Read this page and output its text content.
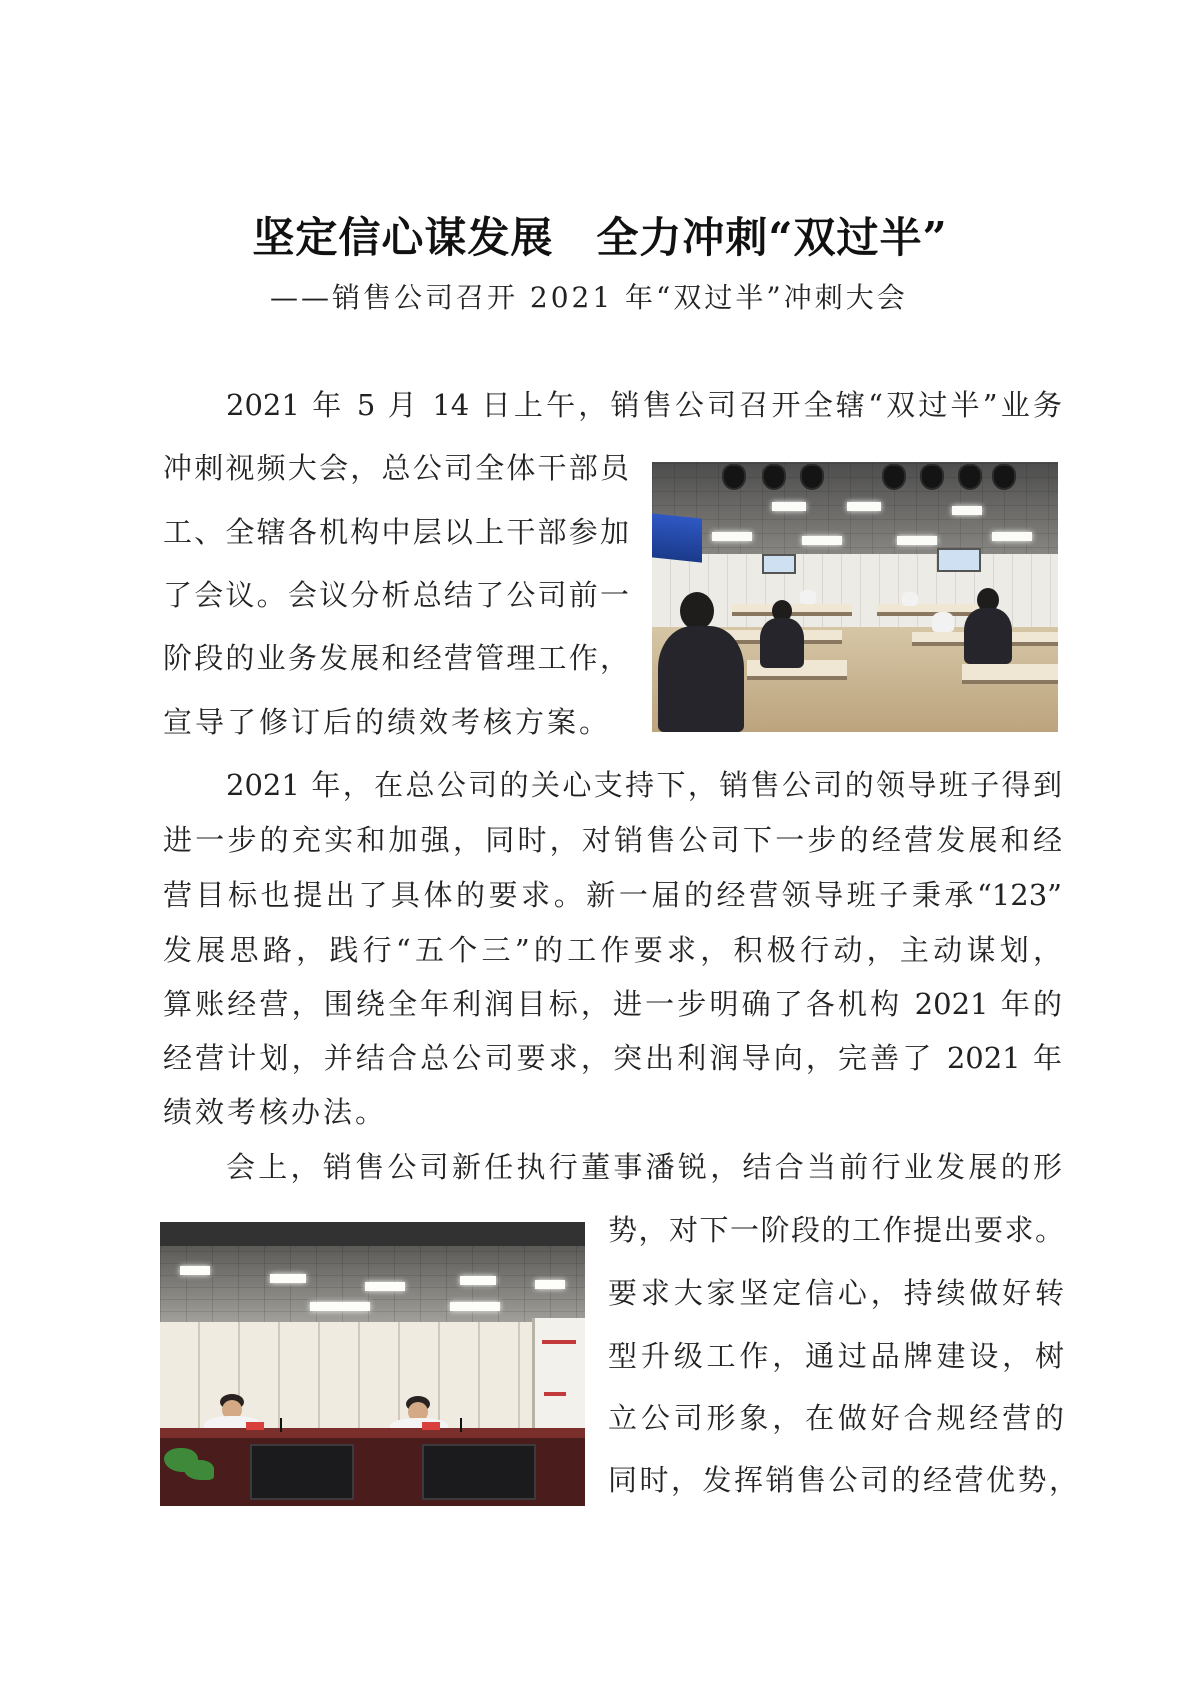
坚定信心谋发展　全力冲刺“双过半”
——销售公司召开 2021 年“双过半”冲刺大会
2021 年 5 月 14 日上午，销售公司召开全辖“双过半”业务
冲刺视频大会，总公司全体干部员
工、全辖各机构中层以上干部参加
了会议。会议分析总结了公司前一
阶段的业务发展和经营管理工作，
宣导了修订后的绩效考核方案。
2021 年，在总公司的关心支持下，销售公司的领导班子得到
进一步的充实和加强，同时，对销售公司下一步的经营发展和经
营目标也提出了具体的要求。新一届的经营领导班子秉承“123”
发展思路，践行“五个三”的工作要求，积极行动，主动谋划，
算账经营，围绕全年利润目标，进一步明确了各机构 2021 年的
经营计划，并结合总公司要求，突出利润导向，完善了 2021 年
绩效考核办法。
会上，销售公司新任执行董事潘锐，结合当前行业发展的形
势，对下一阶段的工作提出要求。
要求大家坚定信心，持续做好转
型升级工作，通过品牌建设，树
立公司形象，在做好合规经营的
同时，发挥销售公司的经营优势，
